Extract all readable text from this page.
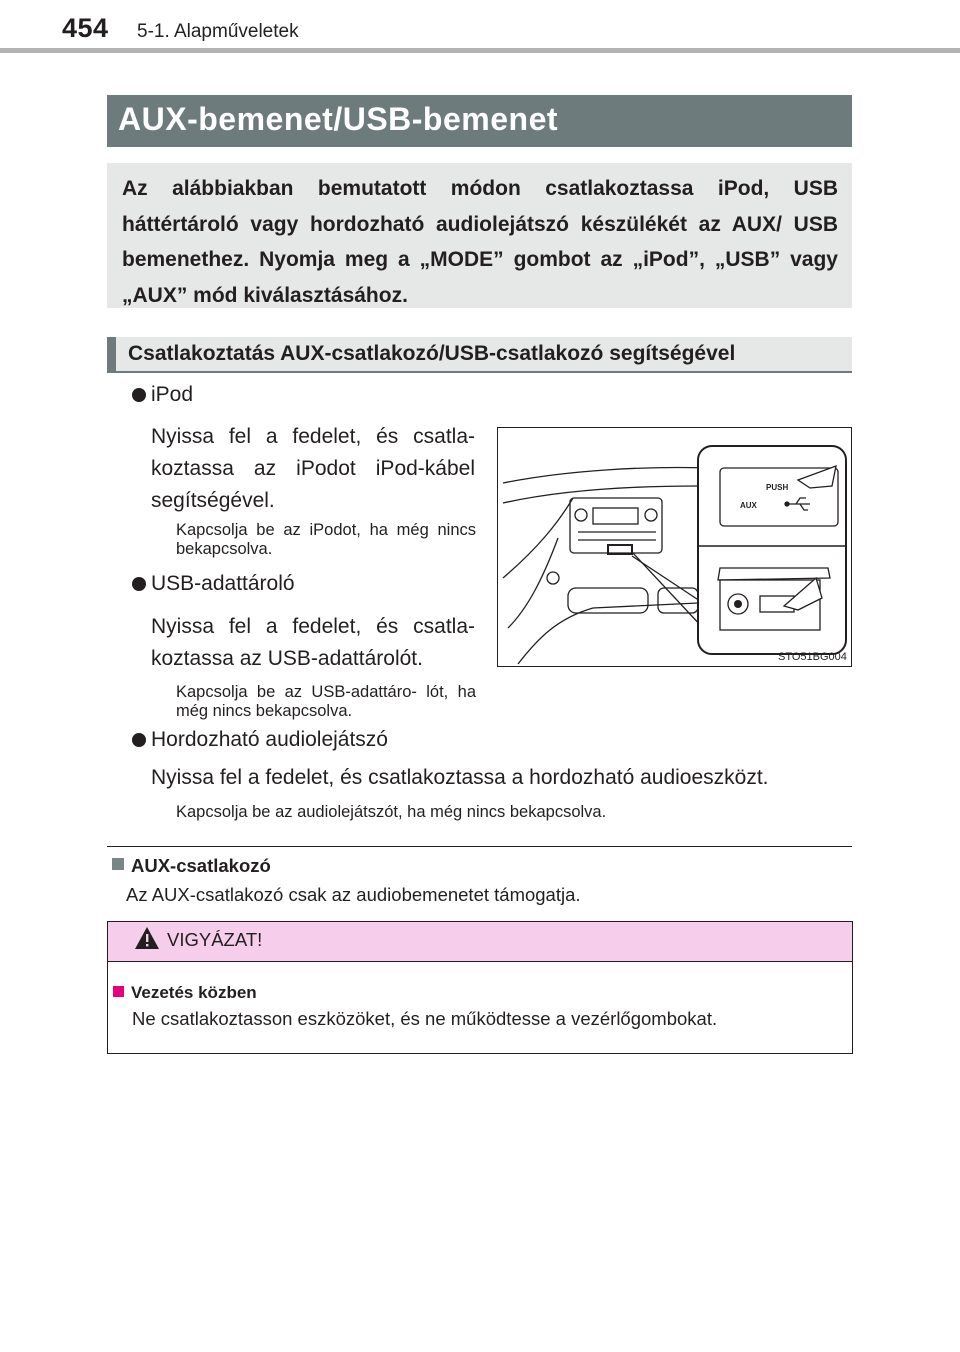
454 5-1. Alapműveletek
AUX-bemenet/USB-bemenet
Az alábbiakban bemutatott módon csatlakoztassa iPod, USB háttértároló vagy hordozható audiolejátszó készülékét az AUX/ USB bemenethez. Nyomja meg a „MODE” gombot az „iPod”, „USB” vagy „AUX” mód kiválasztásához.
Csatlakoztatás AUX-csatlakozó/USB-csatlakozó segítségével
iPod
Nyissa fel a fedelet, és csatla- koztassa az iPodot iPod-kábel segítségével.
Kapcsolja be az iPodot, ha még nincs bekapcsolva.
USB-adattároló
Nyissa fel a fedelet, és csatla- koztassa az USB-adattárolót.
Kapcsolja be az USB-adattáro- lót, ha még nincs bekapcsolva.
Hordozható audiolejátszó
Nyissa fel a fedelet, és csatlakoztassa a hordozható audioeszközt.
Kapcsolja be az audiolejátszót, ha még nincs bekapcsolva.
PUSH
AUX
STO51BG004
AUX-csatlakozó
Az AUX-csatlakozó csak az audiobemenetet támogatja.
VIGYÁZAT!
Vezetés közben
Ne csatlakoztasson eszközöket, és ne működtesse a vezérlőgombokat.
